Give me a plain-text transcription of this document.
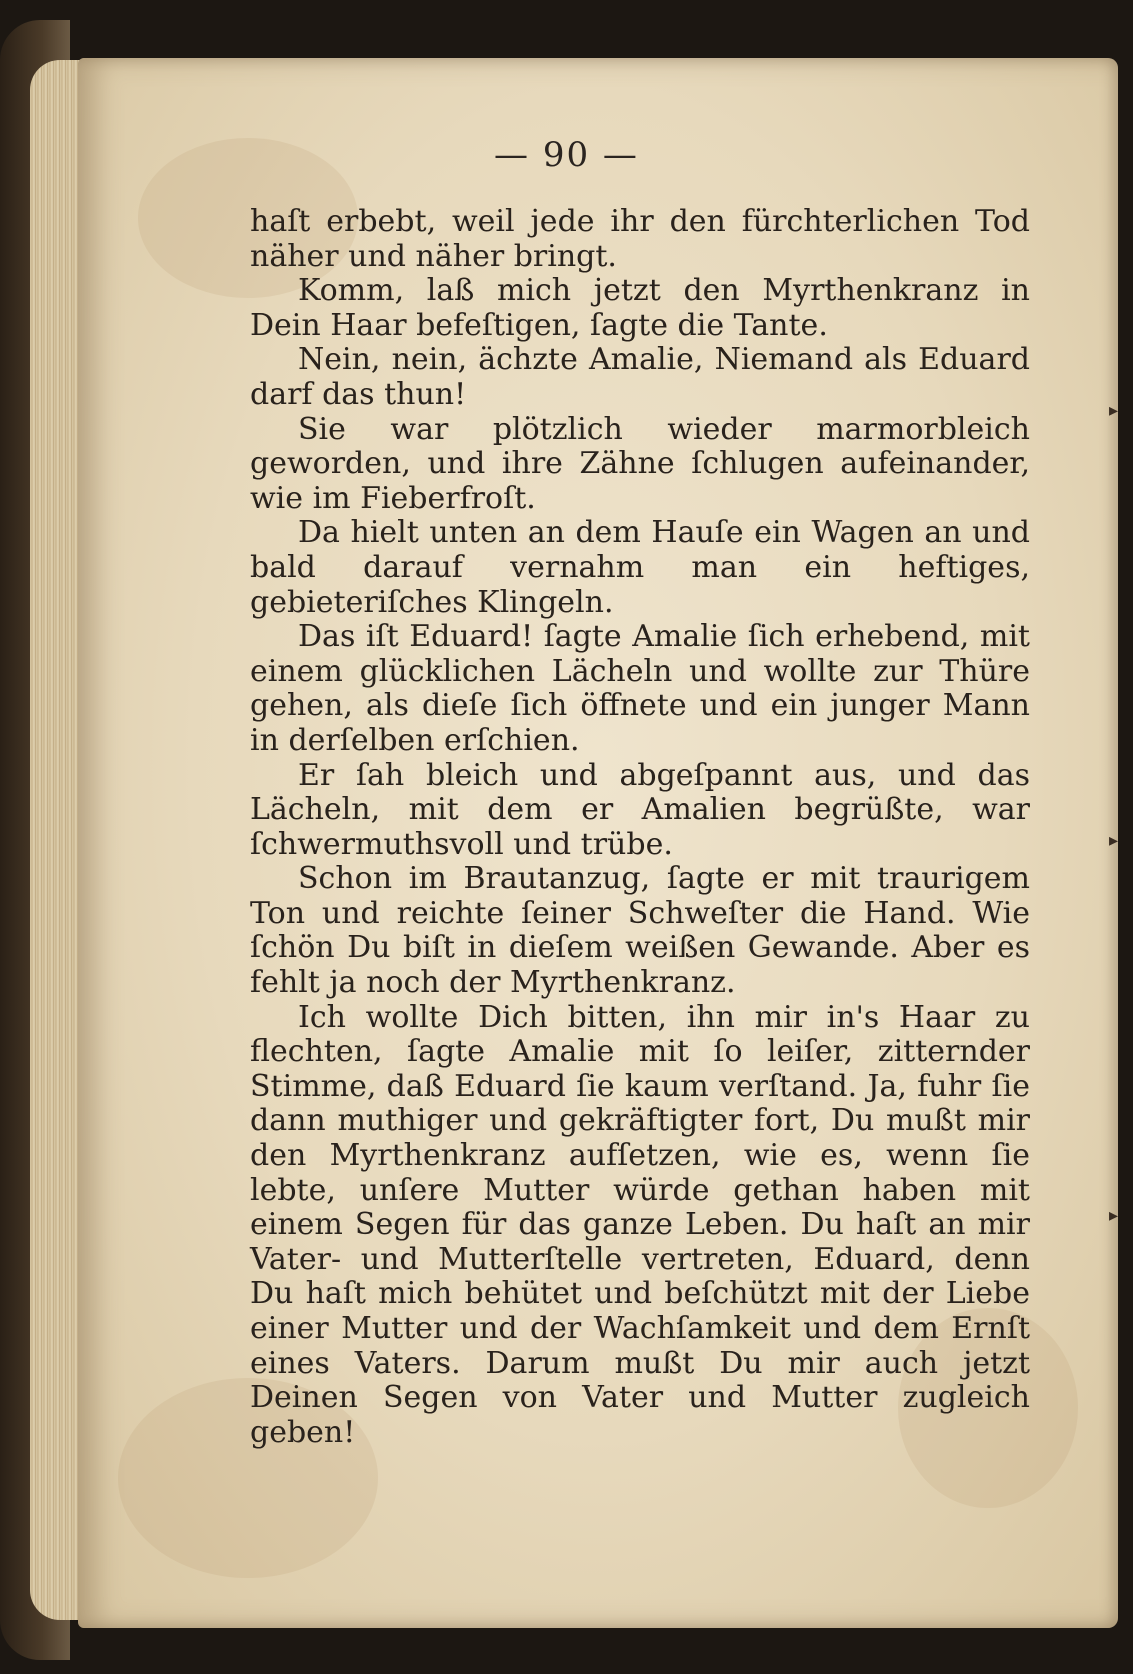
▸
▸
▸
— 90 —

haſt erbebt, weil jede ihr den fürchterlichen Tod näher und näher bringt.

Komm, laß mich jetzt den Myrthenkranz in Dein Haar befeſtigen, ſagte die Tante.

Nein, nein, ächzte Amalie, Niemand als Eduard darf das thun!

Sie war plötzlich wieder marmorbleich geworden, und ihre Zähne ſchlugen aufeinander, wie im Fieberfroſt.

Da hielt unten an dem Hauſe ein Wagen an und bald darauf vernahm man ein heftiges, gebieteriſches Klingeln.

Das iſt Eduard! ſagte Amalie ſich erhebend, mit einem glücklichen Lächeln und wollte zur Thüre gehen, als dieſe ſich öffnete und ein junger Mann in derſelben erſchien.

Er ſah bleich und abgeſpannt aus, und das Lächeln, mit dem er Amalien begrüßte, war ſchwermuthsvoll und trübe.

Schon im Brautanzug, ſagte er mit traurigem Ton und reichte ſeiner Schweſter die Hand. Wie ſchön Du biſt in dieſem weißen Gewande. Aber es fehlt ja noch der Myrthenkranz.

Ich wollte Dich bitten, ihn mir in's Haar zu flechten, ſagte Amalie mit ſo leiſer, zitternder Stimme, daß Eduard ſie kaum verſtand. Ja, fuhr ſie dann muthiger und gekräftigter fort, Du mußt mir den Myrthenkranz aufſetzen, wie es, wenn ſie lebte, unſere Mutter würde gethan haben mit einem Segen für das ganze Leben. Du haſt an mir Vater- und Mutterſtelle vertreten, Eduard, denn Du haſt mich behütet und beſchützt mit der Liebe einer Mutter und der Wachſamkeit und dem Ernſt eines Vaters. Darum mußt Du mir auch jetzt Deinen Segen von Vater und Mutter zugleich geben!
